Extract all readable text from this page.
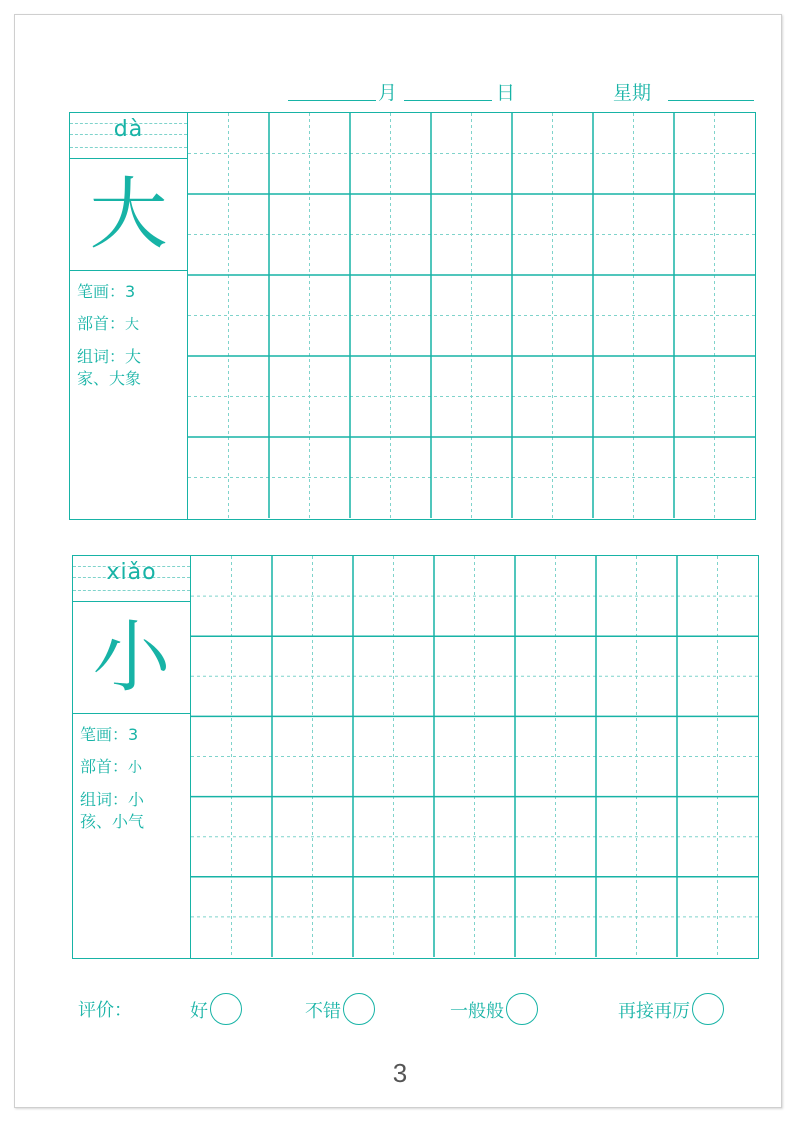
月	日	星期
dà
大
笔画：3
部首：大
组词：大
家、大象
xiǎo
小
笔画：3
部首：小
组词：小
孩、小气
评价：	好	不错	一般般	再接再厉
3
